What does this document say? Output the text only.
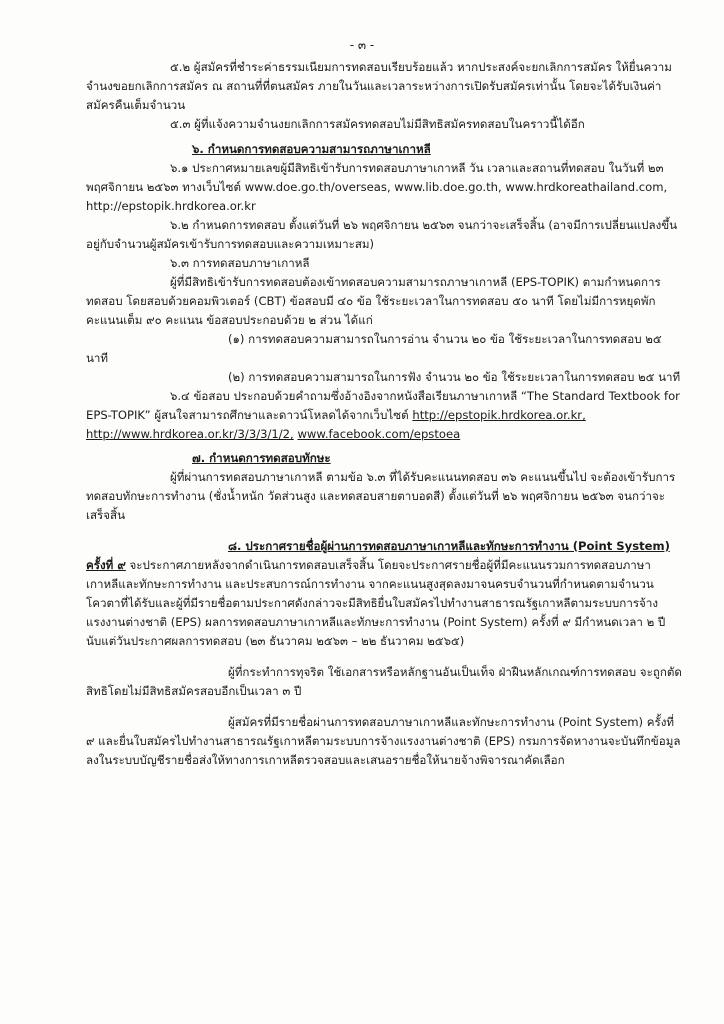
- ๓ -

๕.๒ ผู้สมัครที่ชำระค่าธรรมเนียมการทดสอบเรียบร้อยแล้ว หากประสงค์จะยกเลิกการสมัคร ให้ยื่นความจำนงขอยกเลิกการสมัคร ณ สถานที่ที่ตนสมัคร ภายในวันและเวลาระหว่างการเปิดรับสมัครเท่านั้น โดยจะได้รับเงินค่าสมัครคืนเต็มจำนวน

๕.๓ ผู้ที่แจ้งความจำนงยกเลิกการสมัครทดสอบไม่มีสิทธิสมัครทดสอบในคราวนี้ได้อีก

๖. กำหนดการทดสอบความสามารถภาษาเกาหลี

๖.๑ ประกาศหมายเลขผู้มีสิทธิเข้ารับการทดสอบภาษาเกาหลี วัน เวลาและสถานที่ทดสอบ ในวันที่ ๒๓ พฤศจิกายน ๒๕๖๓ ทางเว็บไซต์ www.doe.go.th/overseas, www.lib.doe.go.th, www.hrdkoreathailand.com, http://epstopik.hrdkorea.or.kr

๖.๒ กำหนดการทดสอบ ตั้งแต่วันที่ ๒๖ พฤศจิกายน ๒๕๖๓ จนกว่าจะเสร็จสิ้น (อาจมีการเปลี่ยนแปลงขึ้นอยู่กับจำนวนผู้สมัครเข้ารับการทดสอบและความเหมาะสม)

๖.๓ การทดสอบภาษาเกาหลี

ผู้ที่มีสิทธิเข้ารับการทดสอบต้องเข้าทดสอบความสามารถภาษาเกาหลี (EPS-TOPIK) ตามกำหนดการทดสอบ โดยสอบด้วยคอมพิวเตอร์ (CBT) ข้อสอบมี ๔๐ ข้อ ใช้ระยะเวลาในการทดสอบ ๕๐ นาที โดยไม่มีการหยุดพัก คะแนนเต็ม ๙๐ คะแนน ข้อสอบประกอบด้วย ๒ ส่วน ได้แก่

(๑) การทดสอบความสามารถในการอ่าน จำนวน ๒๐ ข้อ ใช้ระยะเวลาในการทดสอบ ๒๕ นาที

(๒) การทดสอบความสามารถในการฟัง จำนวน ๒๐ ข้อ ใช้ระยะเวลาในการทดสอบ ๒๕ นาที

๖.๔ ข้อสอบ ประกอบด้วยคำถามซึ่งอ้างอิงจากหนังสือเรียนภาษาเกาหลี “The Standard Textbook for EPS-TOPIK” ผู้สนใจสามารถศึกษาและดาวน์โหลดได้จากเว็บไซต์ http://epstopik.hrdkorea.or.kr, http://www.hrdkorea.or.kr/3/3/3/1/2, www.facebook.com/epstoea

๗. กำหนดการทดสอบทักษะ

ผู้ที่ผ่านการทดสอบภาษาเกาหลี ตามข้อ ๖.๓ ที่ได้รับคะแนนทดสอบ ๓๖ คะแนนขึ้นไป จะต้องเข้ารับการทดสอบทักษะการทำงาน (ชั่งน้ำหนัก วัดส่วนสูง และทดสอบสายตาบอดสี) ตั้งแต่วันที่ ๒๖ พฤศจิกายน ๒๕๖๓ จนกว่าจะเสร็จสิ้น

๘. ประกาศรายชื่อผู้ผ่านการทดสอบภาษาเกาหลีและทักษะการทำงาน (Point System) ครั้งที่ ๙ จะประกาศภายหลังจากดำเนินการทดสอบเสร็จสิ้น โดยจะประกาศรายชื่อผู้ที่มีคะแนนรวมการทดสอบภาษาเกาหลีและทักษะการทำงาน และประสบการณ์การทำงาน จากคะแนนสูงสุดลงมาจนครบจำนวนที่กำหนดตามจำนวนโควตาที่ได้รับและผู้ที่มีรายชื่อตามประกาศดังกล่าวจะมีสิทธิยื่นใบสมัครไปทำงานสาธารณรัฐเกาหลีตามระบบการจ้างแรงงานต่างชาติ (EPS) ผลการทดสอบภาษาเกาหลีและทักษะการทำงาน (Point System) ครั้งที่ ๙ มีกำหนดเวลา ๒ ปี นับแต่วันประกาศผลการทดสอบ (๒๓ ธันวาคม ๒๕๖๓ – ๒๒ ธันวาคม ๒๕๖๕)

ผู้ที่กระทำการทุจริต ใช้เอกสารหรือหลักฐานอันเป็นเท็จ ฝ่าฝืนหลักเกณฑ์การทดสอบ จะถูกตัดสิทธิโดยไม่มีสิทธิสมัครสอบอีกเป็นเวลา ๓ ปี

ผู้สมัครที่มีรายชื่อผ่านการทดสอบภาษาเกาหลีและทักษะการทำงาน (Point System) ครั้งที่ ๙ และยื่นใบสมัครไปทำงานสาธารณรัฐเกาหลีตามระบบการจ้างแรงงานต่างชาติ (EPS) กรมการจัดหางานจะบันทึกข้อมูลลงในระบบบัญชีรายชื่อส่งให้ทางการเกาหลีตรวจสอบและเสนอรายชื่อให้นายจ้างพิจารณาคัดเลือก
